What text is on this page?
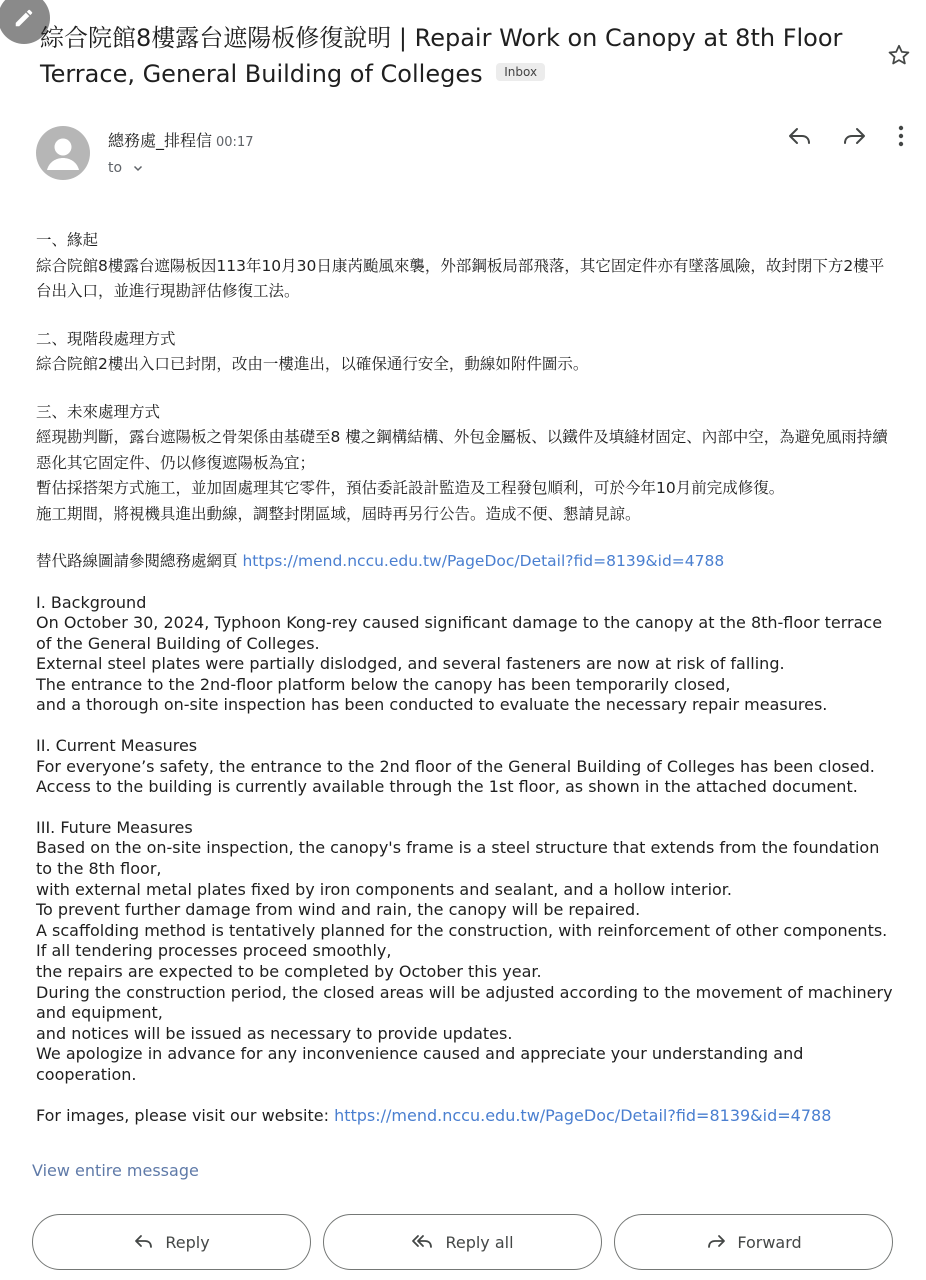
綜合院館8樓露台遮陽板修復說明 | Repair Work on Canopy at 8th Floor Terrace, General Building of Colleges Inbox
總務處_排程信 00:17
to

一、緣起

綜合院館8樓露台遮陽板因113年10月30日康芮颱風來襲，外部鋼板局部飛落，其它固定件亦有墜落風險，故封閉下方2樓平台出入口，並進行現勘評估修復工法。

二、現階段處理方式

綜合院館2樓出入口已封閉，改由一樓進出，以確保通行安全，動線如附件圖示。

三、未來處理方式

經現勘判斷，露台遮陽板之骨架係由基礎至8 樓之鋼構結構、外包金屬板、以鐵件及填縫材固定、內部中空，為避免風雨持續惡化其它固定件、仍以修復遮陽板為宜；

暫估採搭架方式施工，並加固處理其它零件，預估委託設計監造及工程發包順利，可於今年10月前完成修復。

施工期間，將視機具進出動線，調整封閉區域，屆時再另行公告。造成不便、懇請見諒。

替代路線圖請參閱總務處網頁 https://mend.nccu.edu.tw/PageDoc/Detail?fid=8139&id=4788

I. Background

On October 30, 2024, Typhoon Kong-rey caused significant damage to the canopy at the 8th-floor terrace of the General Building of Colleges.

External steel plates were partially dislodged, and several fasteners are now at risk of falling.

The entrance to the 2nd-floor platform below the canopy has been temporarily closed,

and a thorough on-site inspection has been conducted to evaluate the necessary repair measures.

II. Current Measures

For everyone’s safety, the entrance to the 2nd floor of the General Building of Colleges has been closed.

Access to the building is currently available through the 1st floor, as shown in the attached document.

III. Future Measures

Based on the on-site inspection, the canopy's frame is a steel structure that extends from the foundation to the 8th floor,

with external metal plates fixed by iron components and sealant, and a hollow interior.

To prevent further damage from wind and rain, the canopy will be repaired.

A scaffolding method is tentatively planned for the construction, with reinforcement of other components. If all tendering processes proceed smoothly,

the repairs are expected to be completed by October this year.

During the construction period, the closed areas will be adjusted according to the movement of machinery and equipment,

and notices will be issued as necessary to provide updates.

We apologize in advance for any inconvenience caused and appreciate your understanding and cooperation.

For images, please visit our website: https://mend.nccu.edu.tw/PageDoc/Detail?fid=8139&id=4788

View entire message
Reply	Reply all	Forward
